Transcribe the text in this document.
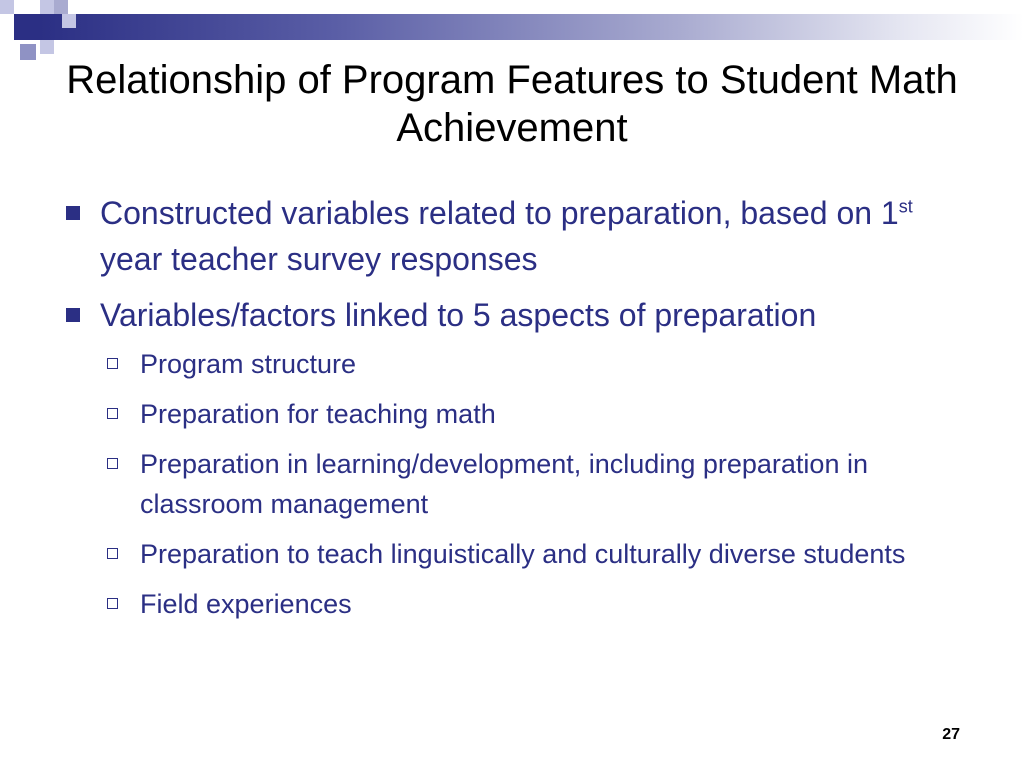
Relationship of Program Features to Student Math Achievement
Constructed variables related to preparation, based on 1st year teacher survey responses
Variables/factors linked to 5 aspects of preparation
Program structure
Preparation for teaching math
Preparation in learning/development, including preparation in classroom management
Preparation to teach linguistically and culturally diverse students
Field experiences
27
